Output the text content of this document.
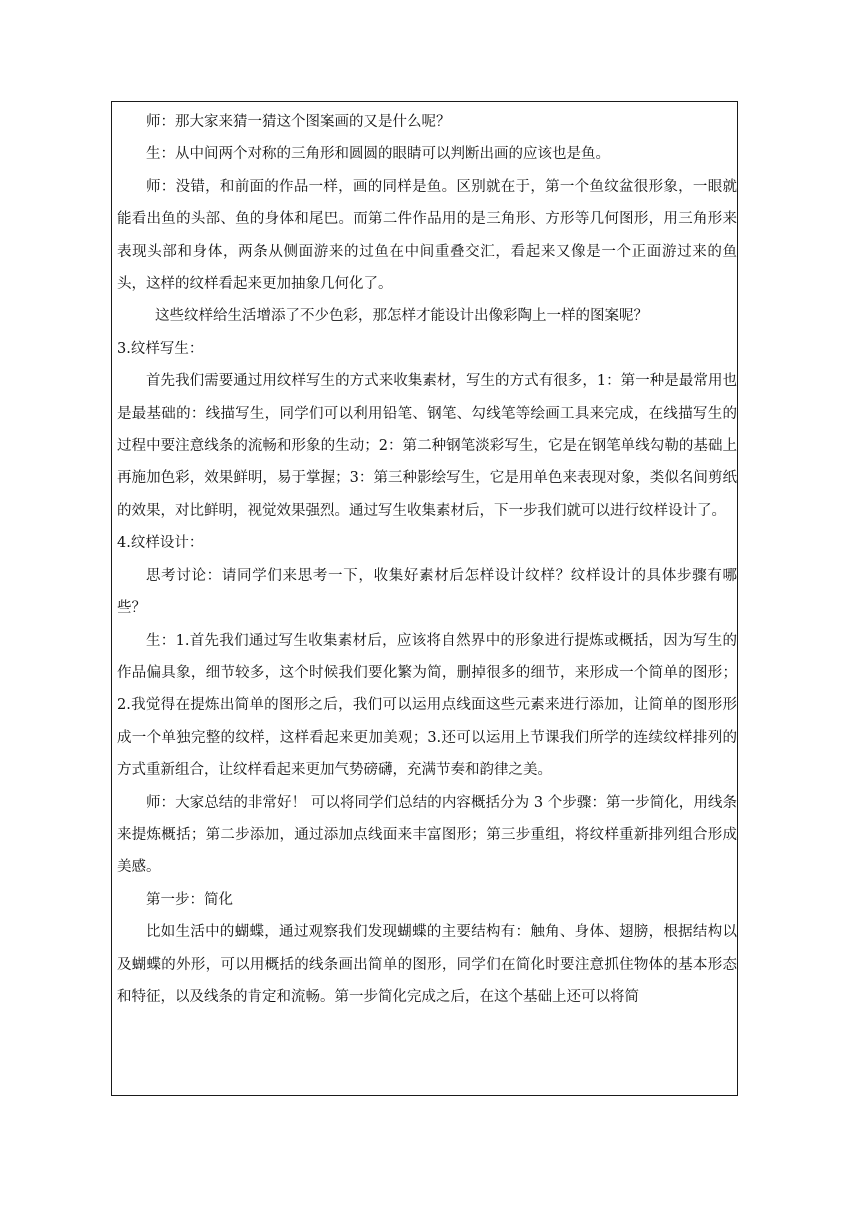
师：那大家来猜一猜这个图案画的又是什么呢？

生：从中间两个对称的三角形和圆圆的眼睛可以判断出画的应该也是鱼。

师：没错，和前面的作品一样，画的同样是鱼。区别就在于，第一个鱼纹盆很形象，一眼就能看出鱼的头部、鱼的身体和尾巴。而第二件作品用的是三角形、方形等几何图形，用三角形来表现头部和身体，两条从侧面游来的过鱼在中间重叠交汇，看起来又像是一个正面游过来的鱼头，这样的纹样看起来更加抽象几何化了。

这些纹样给生活增添了不少色彩，那怎样才能设计出像彩陶上一样的图案呢？

3.纹样写生：

首先我们需要通过用纹样写生的方式来收集素材，写生的方式有很多，1：第一种是最常用也是最基础的：线描写生，同学们可以利用铅笔、钢笔、勾线笔等绘画工具来完成，在线描写生的过程中要注意线条的流畅和形象的生动；2：第二种钢笔淡彩写生，它是在钢笔单线勾勒的基础上再施加色彩，效果鲜明，易于掌握；3：第三种影绘写生，它是用单色来表现对象，类似名间剪纸的效果，对比鲜明，视觉效果强烈。通过写生收集素材后，下一步我们就可以进行纹样设计了。

4.纹样设计：

思考讨论：请同学们来思考一下，收集好素材后怎样设计纹样？纹样设计的具体步骤有哪些？

生：1.首先我们通过写生收集素材后，应该将自然界中的形象进行提炼或概括，因为写生的作品偏具象，细节较多，这个时候我们要化繁为简，删掉很多的细节，来形成一个简单的图形；2.我觉得在提炼出简单的图形之后，我们可以运用点线面这些元素来进行添加，让简单的图形形成一个单独完整的纹样，这样看起来更加美观；3.还可以运用上节课我们所学的连续纹样排列的方式重新组合，让纹样看起来更加气势磅礴，充满节奏和韵律之美。

师：大家总结的非常好！ 可以将同学们总结的内容概括分为 3 个步骤：第一步简化，用线条来提炼概括；第二步添加，通过添加点线面来丰富图形；第三步重组，将纹样重新排列组合形成美感。

第一步：简化

比如生活中的蝴蝶，通过观察我们发现蝴蝶的主要结构有：触角、身体、翅膀，根据结构以及蝴蝶的外形，可以用概括的线条画出简单的图形，同学们在简化时要注意抓住物体的基本形态和特征，以及线条的肯定和流畅。第一步简化完成之后，在这个基础上还可以将简
